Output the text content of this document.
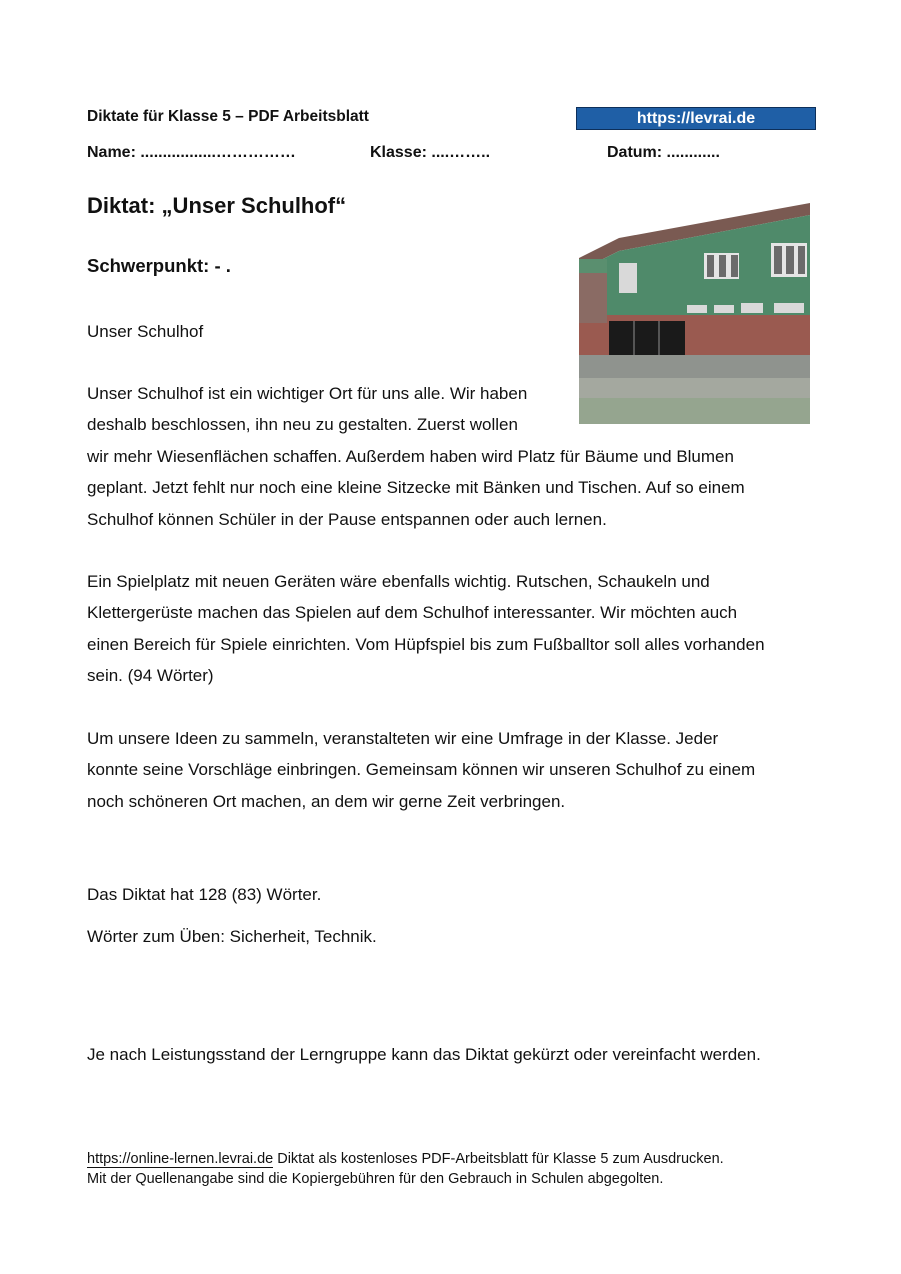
Diktate für Klasse 5 – PDF Arbeitsblatt	https://levrai.de
Name: .................……………	Klasse: ....……..	Datum: ............
Diktat: „Unser Schulhof“
Schwerpunkt: - .
Unser Schulhof
Unser Schulhof ist ein wichtiger Ort für uns alle. Wir haben
deshalb beschlossen, ihn neu zu gestalten. Zuerst wollen
wir mehr Wiesenflächen schaffen. Außerdem haben wird Platz für Bäume und Blumen
geplant. Jetzt fehlt nur noch eine kleine Sitzecke mit Bänken und Tischen. Auf so einem
Schulhof können Schüler in der Pause entspannen oder auch lernen.
Ein Spielplatz mit neuen Geräten wäre ebenfalls wichtig. Rutschen, Schaukeln und
Klettergerüste machen das Spielen auf dem Schulhof interessanter. Wir möchten auch
einen Bereich für Spiele einrichten. Vom Hüpfspiel bis zum Fußballtor soll alles vorhanden
sein. (94 Wörter)
Um unsere Ideen zu sammeln, veranstalteten wir eine Umfrage in der Klasse. Jeder
konnte seine Vorschläge einbringen. Gemeinsam können wir unseren Schulhof zu einem
noch schöneren Ort machen, an dem wir gerne Zeit verbringen.
Das Diktat hat 128 (83) Wörter.
Wörter zum Üben: Sicherheit, Technik.
Je nach Leistungsstand der Lerngruppe kann das Diktat gekürzt oder vereinfacht werden.
https://online-lernen.levrai.de Diktat als kostenloses PDF-Arbeitsblatt für Klasse 5 zum Ausdrucken.
Mit der Quellenangabe sind die Kopiergebühren für den Gebrauch in Schulen abgegolten.
